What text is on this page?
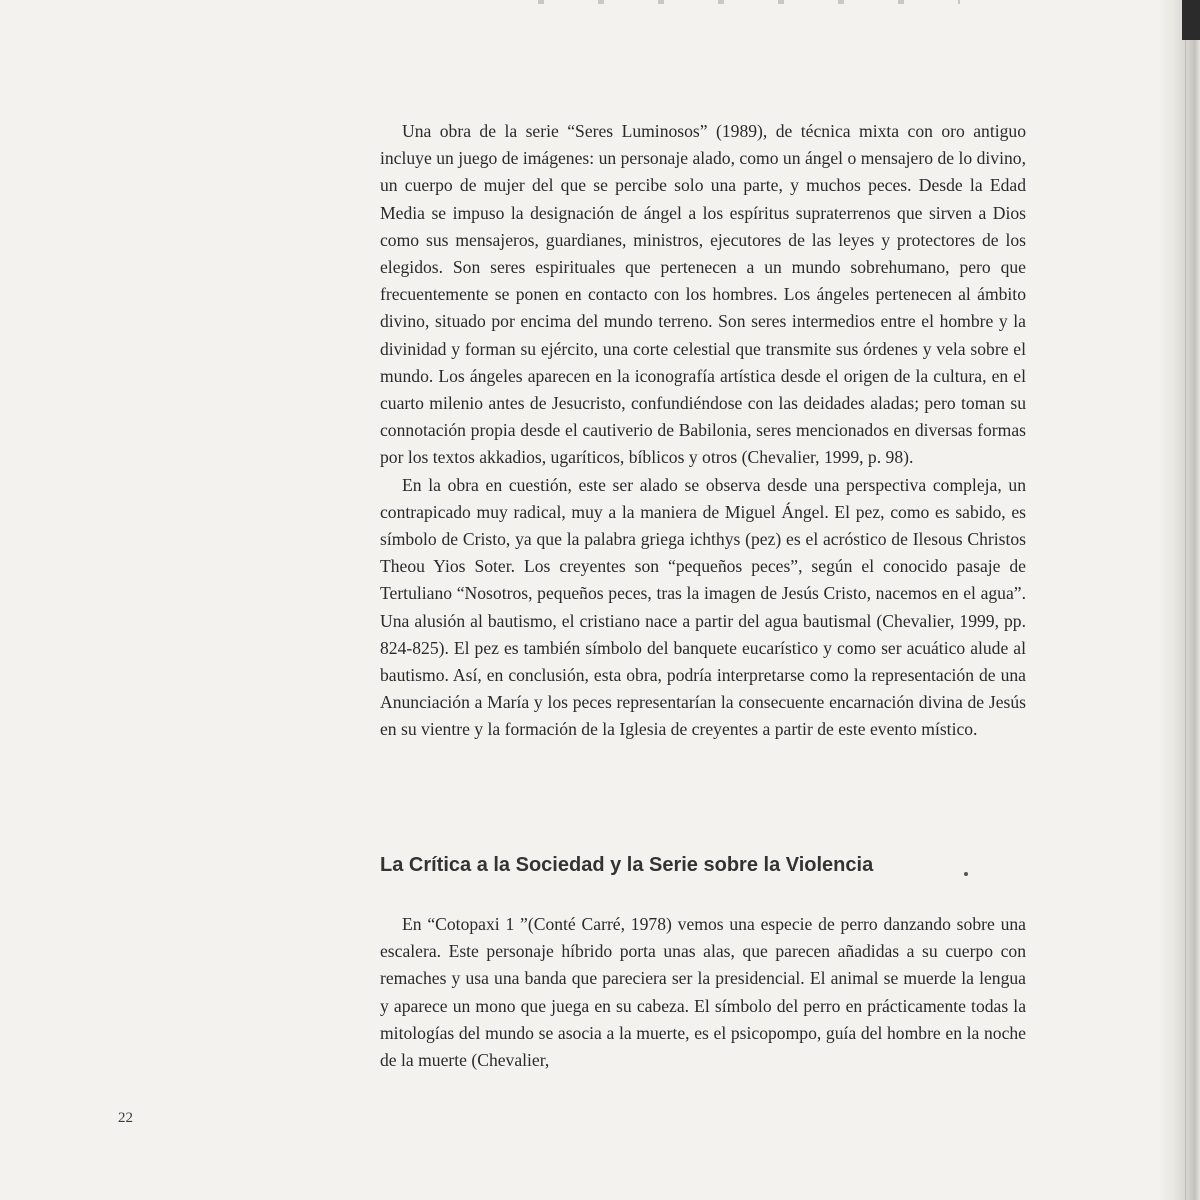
Una obra de la serie “Seres Luminosos” (1989), de técnica mixta con oro antiguo incluye un juego de imágenes: un personaje alado, como un ángel o mensajero de lo divino, un cuerpo de mujer del que se percibe solo una parte, y muchos peces. Desde la Edad Media se impuso la designación de ángel a los espíritus supraterrenos que sirven a Dios como sus mensajeros, guardianes, ministros, ejecutores de las leyes y protectores de los elegidos. Son seres espirituales que pertenecen a un mundo sobrehumano, pero que frecuentemente se ponen en contacto con los hombres. Los ángeles pertenecen al ámbito divino, situado por encima del mundo terreno. Son seres intermedios entre el hombre y la divinidad y forman su ejército, una corte celestial que transmite sus órdenes y vela sobre el mundo. Los ángeles aparecen en la iconografía artística desde el origen de la cultura, en el cuarto milenio antes de Jesucristo, confundiéndose con las deidades aladas; pero toman su connotación propia desde el cautiverio de Babilonia, seres mencionados en diversas formas por los textos akkadios, ugaríticos, bíblicos y otros (Chevalier, 1999, p. 98).

En la obra en cuestión, este ser alado se observa desde una perspectiva compleja, un contrapicado muy radical, muy a la maniera de Miguel Ángel. El pez, como es sabido, es símbolo de Cristo, ya que la palabra griega ichthys (pez) es el acróstico de Ilesous Christos Theou Yios Soter. Los creyentes son “pequeños peces”, según el conocido pasaje de Tertuliano “Nosotros, pequeños peces, tras la imagen de Jesús Cristo, nacemos en el agua”. Una alusión al bautismo, el cristiano nace a partir del agua bautismal (Chevalier, 1999, pp. 824-825). El pez es también símbolo del banquete eucarístico y como ser acuático alude al bautismo. Así, en conclusión, esta obra, podría interpretarse como la representación de una Anunciación a María y los peces representarían la consecuente encarnación divina de Jesús en su vientre y la formación de la Iglesia de creyentes a partir de este evento místico.

La Crítica a la Sociedad y la Serie sobre la Violencia

En “Cotopaxi 1 ”(Conté Carré, 1978) vemos una especie de perro danzando sobre una escalera. Este personaje híbrido porta unas alas, que parecen añadidas a su cuerpo con remaches y usa una banda que pareciera ser la presidencial. El animal se muerde la lengua y aparece un mono que juega en su cabeza. El símbolo del perro en prácticamente todas la mitologías del mundo se asocia a la muerte, es el psicopompo, guía del hombre en la noche de la muerte (Chevalier,

22
